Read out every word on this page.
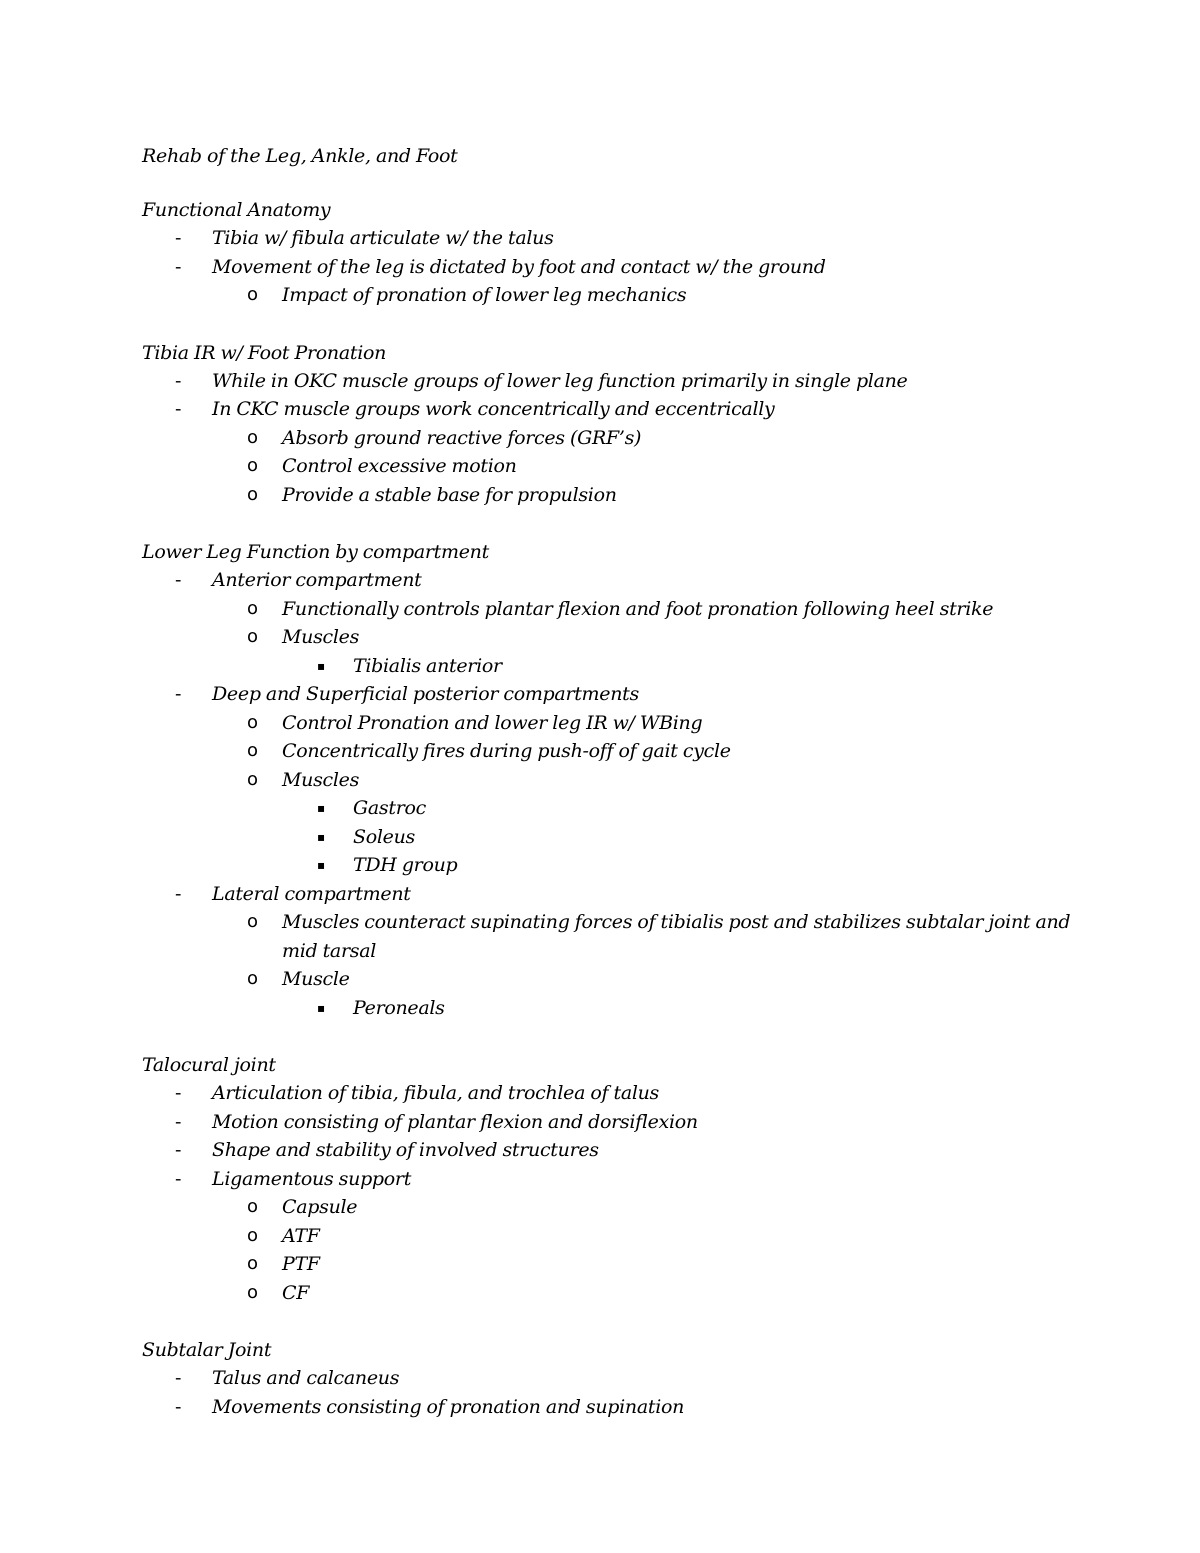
Rehab of the Leg, Ankle, and Foot
Functional Anatomy
- Tibia w/ fibula articulate w/ the talus
- Movement of the leg is dictated by foot and contact w/ the ground
o Impact of pronation of lower leg mechanics
Tibia IR w/ Foot Pronation
- While in OKC muscle groups of lower leg function primarily in single plane
- In CKC muscle groups work concentrically and eccentrically
o Absorb ground reactive forces (GRF’s)
o Control excessive motion
o Provide a stable base for propulsion
Lower Leg Function by compartment
- Anterior compartment
o Functionally controls plantar flexion and foot pronation following heel strike
o Muscles
▪ Tibialis anterior
- Deep and Superficial posterior compartments
o Control Pronation and lower leg IR w/ WBing
o Concentrically fires during push-off of gait cycle
o Muscles
▪ Gastroc
▪ Soleus
▪ TDH group
- Lateral compartment
o Muscles counteract supinating forces of tibialis post and stabilizes subtalar joint and mid tarsal
o Muscle
▪ Peroneals
Talocural joint
- Articulation of tibia, fibula, and trochlea of talus
- Motion consisting of plantar flexion and dorsiflexion
- Shape and stability of involved structures
- Ligamentous support
o Capsule
o ATF
o PTF
o CF
Subtalar Joint
- Talus and calcaneus
- Movements consisting of pronation and supination
